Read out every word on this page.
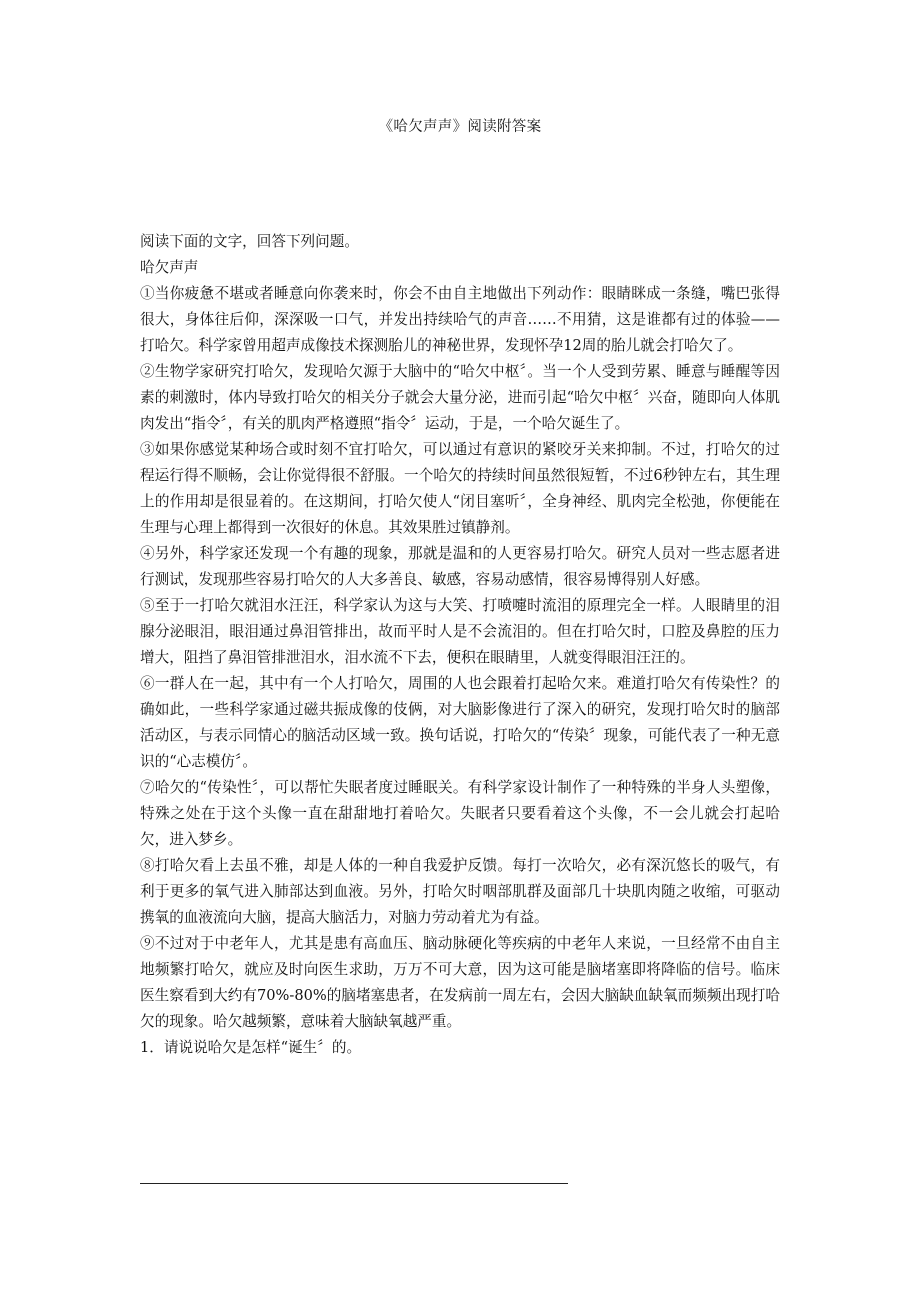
《哈欠声声》阅读附答案

阅读下面的文字，回答下列问题。

哈欠声声

①当你疲惫不堪或者睡意向你袭来时，你会不由自主地做出下列动作：眼睛眯成一条缝，嘴巴张得很大，身体往后仰，深深吸一口气，并发出持续哈气的声音……不用猜，这是谁都有过的体验——打哈欠。科学家曾用超声成像技术探测胎儿的神秘世界，发现怀孕12周的胎儿就会打哈欠了。

②生物学家研究打哈欠，发现哈欠源于大脑中的“哈欠中枢〞。当一个人受到劳累、睡意与睡醒等因素的刺激时，体内导致打哈欠的相关分子就会大量分泌，进而引起“哈欠中枢〞兴奋，随即向人体肌肉发出“指令〞，有关的肌肉严格遵照“指令〞运动，于是，一个哈欠诞生了。

③如果你感觉某种场合或时刻不宜打哈欠，可以通过有意识的紧咬牙关来抑制。不过，打哈欠的过程运行得不顺畅，会让你觉得很不舒服。一个哈欠的持续时间虽然很短暂，不过6秒钟左右，其生理上的作用却是很显着的。在这期间，打哈欠使人“闭目塞听〞，全身神经、肌肉完全松弛，你便能在生理与心理上都得到一次很好的休息。其效果胜过镇静剂。

④另外，科学家还发现一个有趣的现象，那就是温和的人更容易打哈欠。研究人员对一些志愿者进行测试，发现那些容易打哈欠的人大多善良、敏感，容易动感情，很容易博得别人好感。

⑤至于一打哈欠就泪水汪汪，科学家认为这与大笑、打喷嚏时流泪的原理完全一样。人眼睛里的泪腺分泌眼泪，眼泪通过鼻泪管排出，故而平时人是不会流泪的。但在打哈欠时，口腔及鼻腔的压力增大，阻挡了鼻泪管排泄泪水，泪水流不下去，便积在眼睛里，人就变得眼泪汪汪的。

⑥一群人在一起，其中有一个人打哈欠，周围的人也会跟着打起哈欠来。难道打哈欠有传染性？的确如此，一些科学家通过磁共振成像的伎俩，对大脑影像进行了深入的研究，发现打哈欠时的脑部活动区，与表示同情心的脑活动区域一致。换句话说，打哈欠的“传染〞现象，可能代表了一种无意识的“心志模仿〞。

⑦哈欠的“传染性〞，可以帮忙失眠者度过睡眠关。有科学家设计制作了一种特殊的半身人头塑像，特殊之处在于这个头像一直在甜甜地打着哈欠。失眠者只要看着这个头像，不一会儿就会打起哈欠，进入梦乡。

⑧打哈欠看上去虽不雅，却是人体的一种自我爱护反馈。每打一次哈欠，必有深沉悠长的吸气，有利于更多的氧气进入肺部达到血液。另外，打哈欠时咽部肌群及面部几十块肌肉随之收缩，可驱动携氧的血液流向大脑，提高大脑活力，对脑力劳动着尤为有益。

⑨不过对于中老年人，尤其是患有高血压、脑动脉硬化等疾病的中老年人来说，一旦经常不由自主地频繁打哈欠，就应及时向医生求助，万万不可大意，因为这可能是脑堵塞即将降临的信号。临床医生察看到大约有70%-80%的脑堵塞患者，在发病前一周左右，会因大脑缺血缺氧而频频出现打哈欠的现象。哈欠越频繁，意味着大脑缺氧越严重。

1．请说说哈欠是怎样“诞生〞的。
